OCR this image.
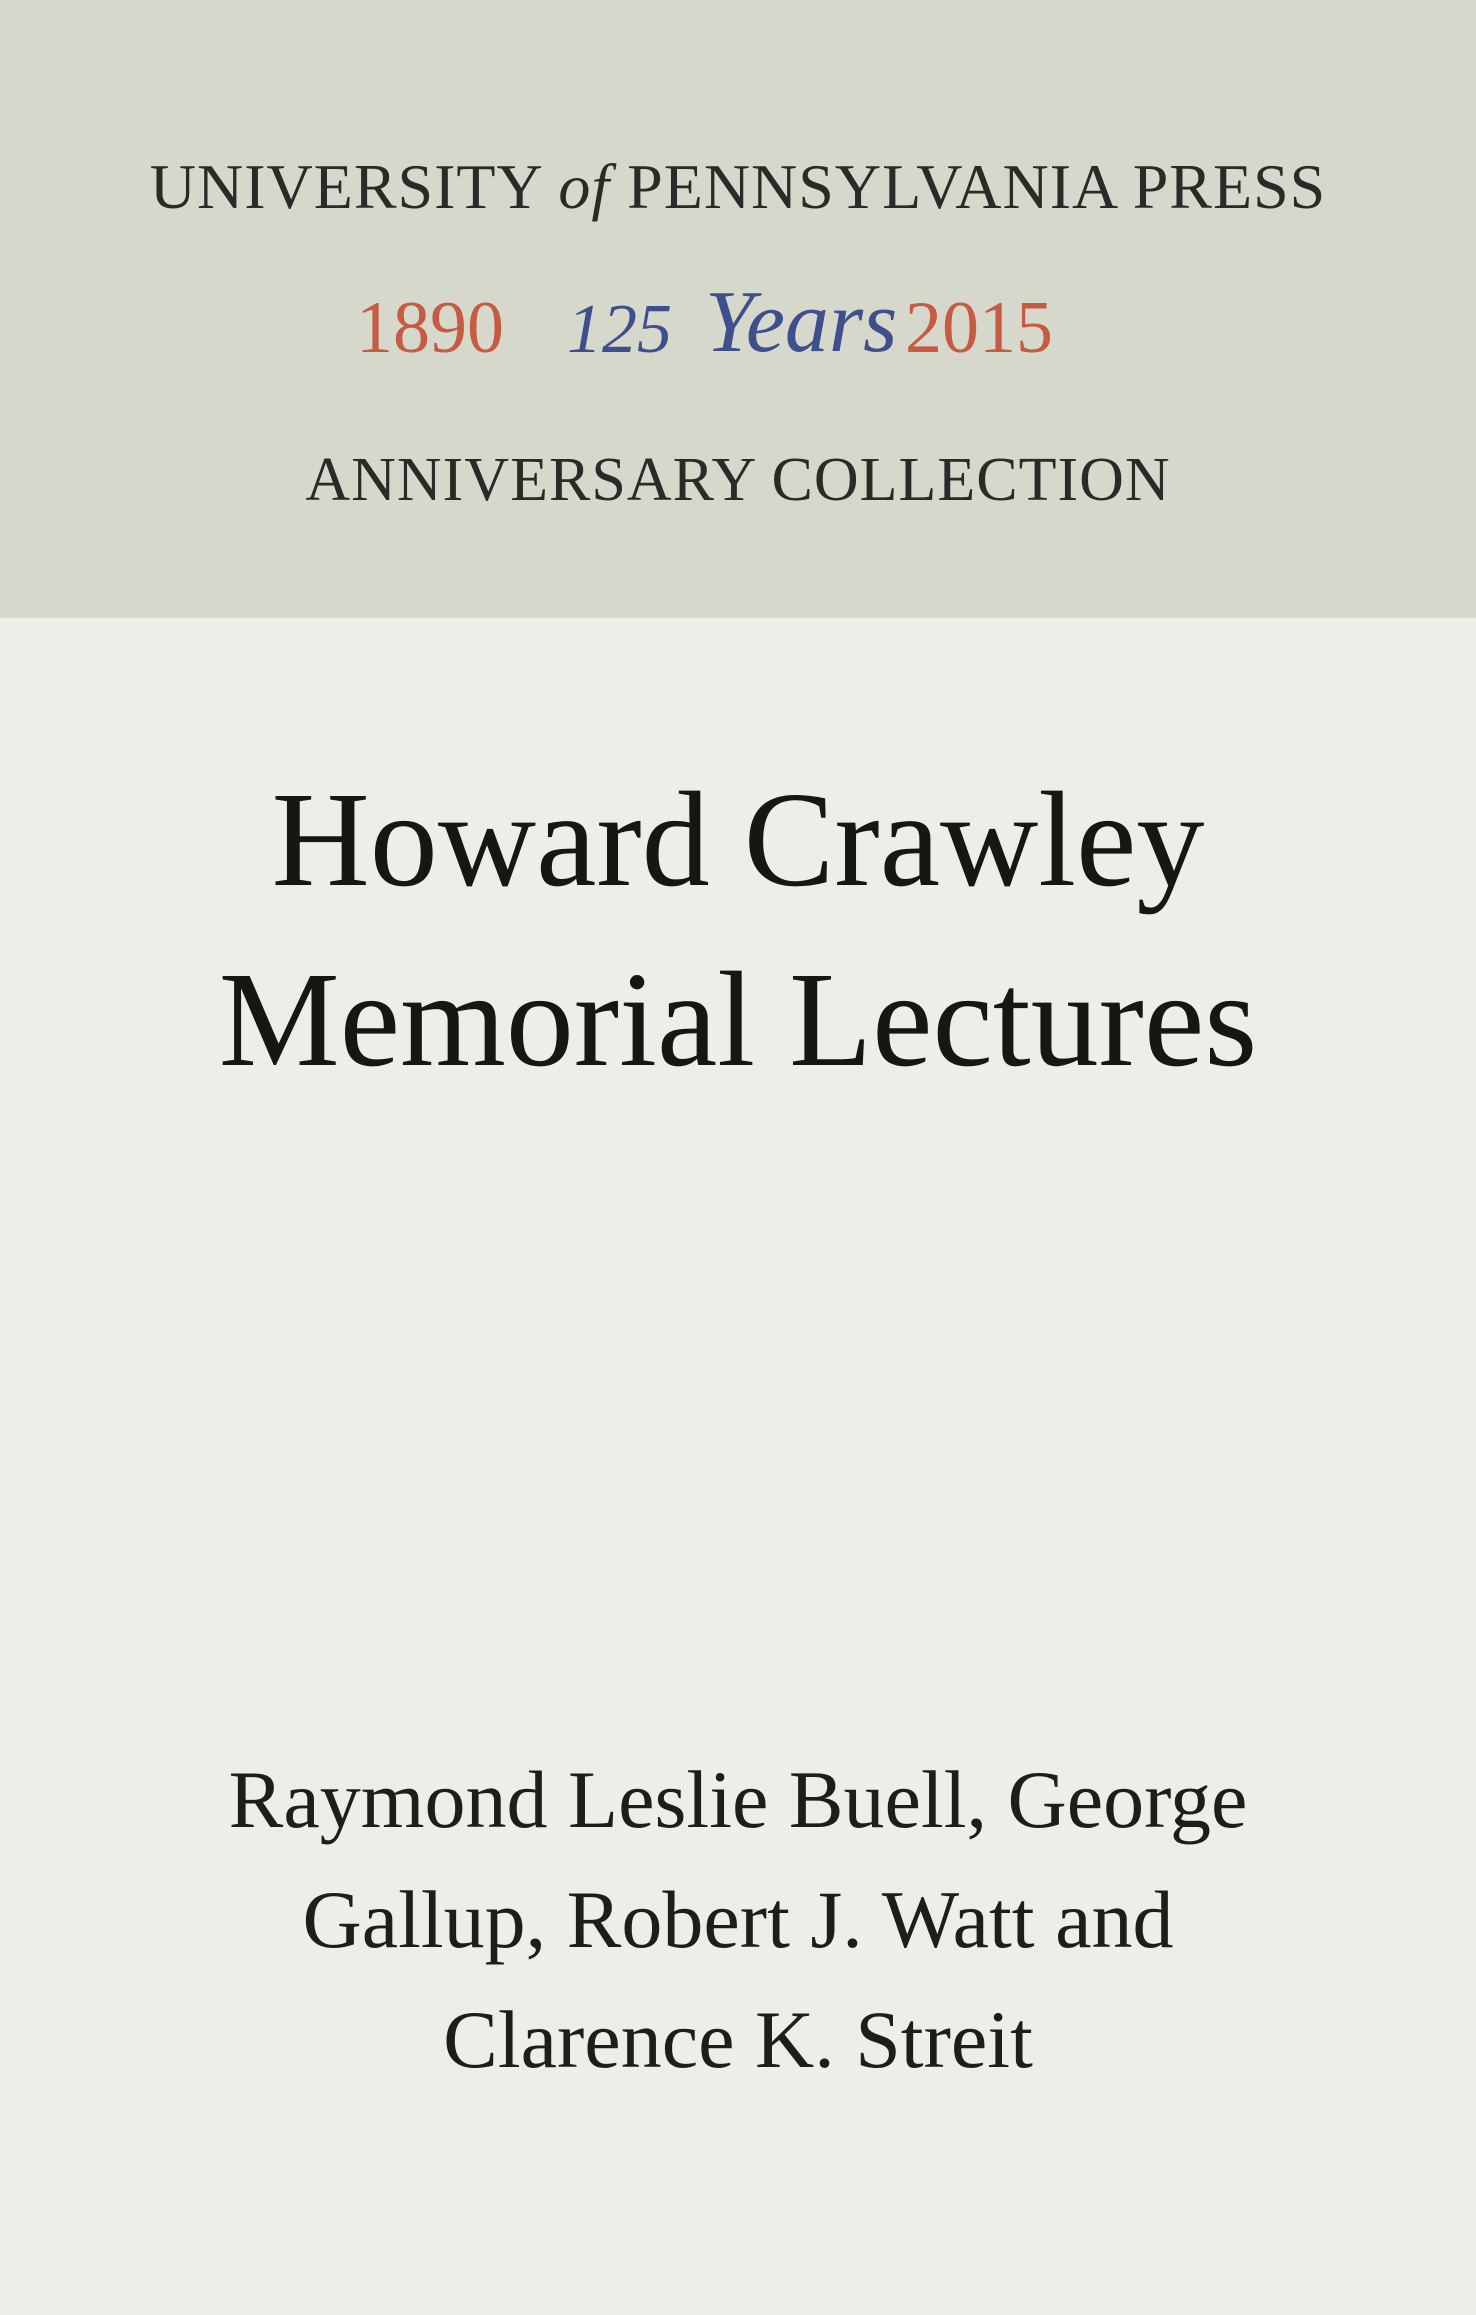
UNIVERSITY of PENNSYLVANIA PRESS
1890 125 Years 2015
ANNIVERSARY COLLECTION
Howard Crawley
Memorial Lectures
Raymond Leslie Buell, George
Gallup, Robert J. Watt and
Clarence K. Streit
